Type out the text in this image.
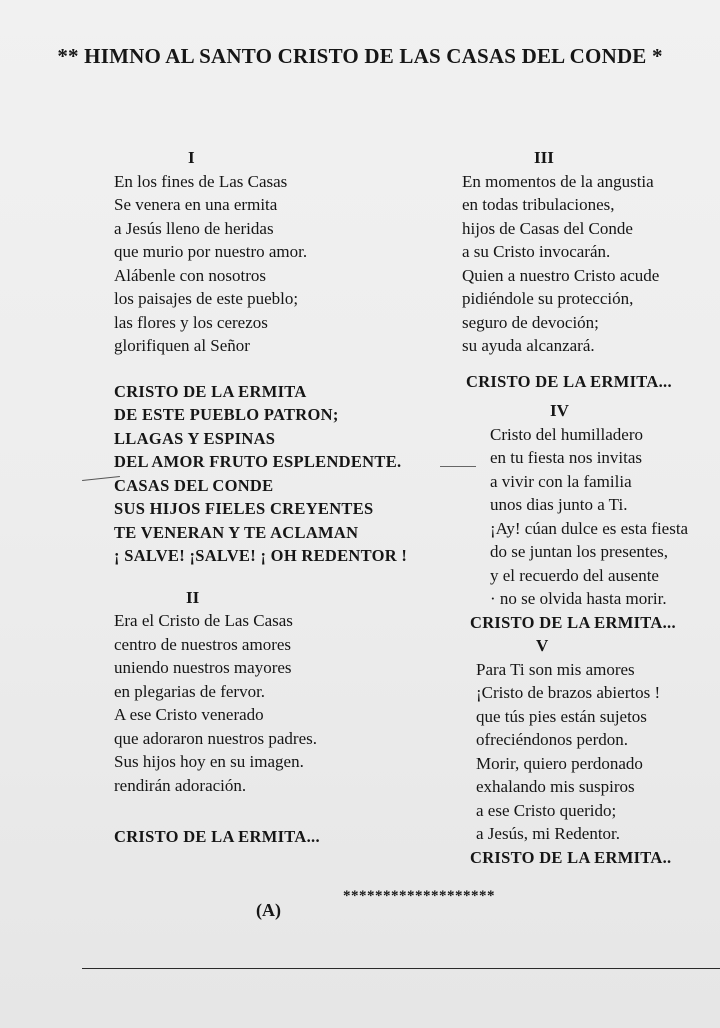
** HIMNO AL SANTO CRISTO DE LAS CASAS DEL CONDE *
I
En los fines de Las Casas
Se venera en una ermita
a Jesús lleno de heridas
que murio por nuestro amor.
Alábenle con nosotros
los paisajes de este pueblo;
las flores y los cerezos
glorifiquen al Señor
CRISTO DE LA ERMITA
DE ESTE PUEBLO PATRON;
LLAGAS Y ESPINAS
DEL AMOR FRUTO ESPLENDENTE.
CASAS DEL CONDE
SUS HIJOS FIELES CREYENTES
TE VENERAN Y TE ACLAMAN
¡ SALVE! ¡SALVE! ¡ OH REDENTOR !
II
Era el Cristo de Las Casas
centro de nuestros amores
uniendo nuestros mayores
en plegarias de fervor.
A ese Cristo venerado
que adoraron nuestros padres.
Sus hijos hoy en su imagen.
rendirán adoración.
CRISTO DE LA ERMITA...
III
En momentos de la angustia
en todas tribulaciones,
hijos de Casas del Conde
a su Cristo invocarán.
Quien a nuestro Cristo acude
pidiéndole su protección,
seguro de devoción;
su ayuda alcanzará.
CRISTO DE LA ERMITA...
IV
Cristo del humilladero
en tu fiesta nos invitas
a vivir con la familia
unos dias junto a Ti.
¡Ay! cúan dulce es esta fiesta
do se juntan los presentes,
y el recuerdo del ausente
· no se olvida hasta morir.
CRISTO DE LA ERMITA...
V
Para Ti son mis amores
¡Cristo de brazos abiertos !
que tús pies están sujetos
ofreciéndonos perdon.
Morir, quiero perdonado
exhalando mis suspiros
a ese Cristo querido;
a Jesús, mi Redentor.
CRISTO DE LA ERMITA..
(A)
*******************
